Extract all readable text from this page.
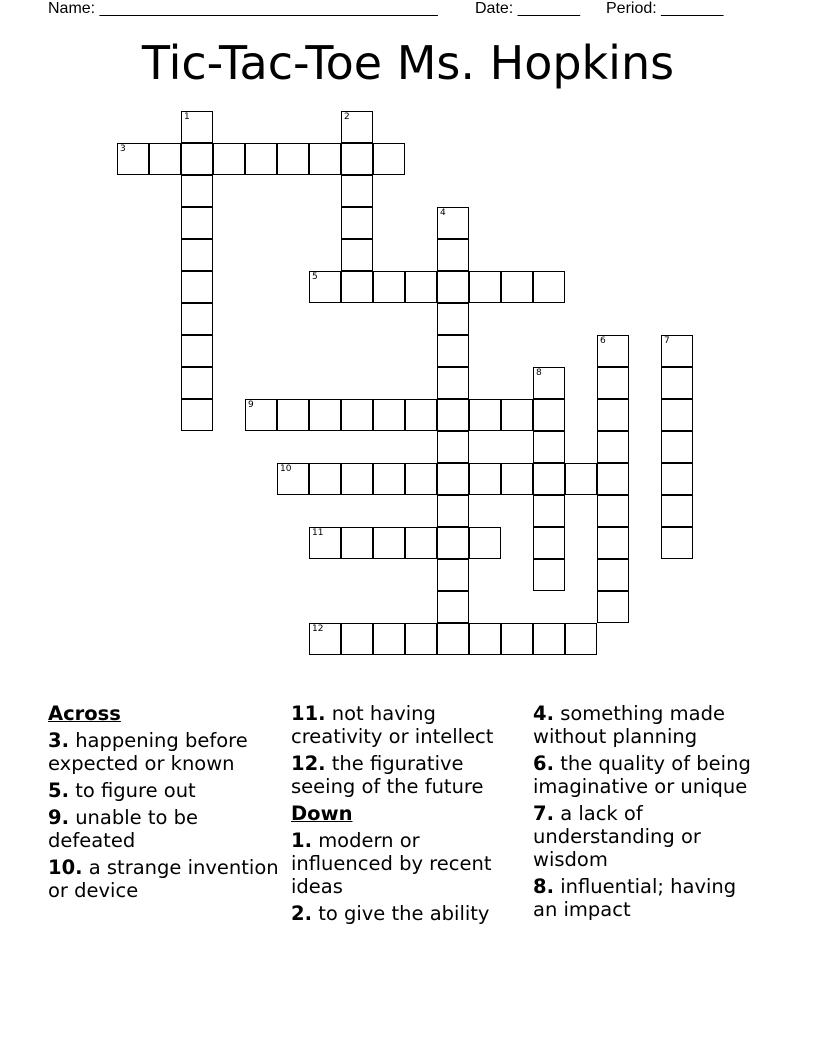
Name: ______________________________________ Date: _______ Period: _______
Tic-Tac-Toe Ms. Hopkins
3
5
9
10
11
12
1	2
4
6	7
8
Across
3. happening before expected or known
5. to figure out
9. unable to be defeated
10. a strange invention or device
11. not having creativity or intellect
12. the figurative seeing of the future
Down
1. modern or influenced by recent ideas
2. to give the ability
4. something made without planning
6. the quality of being imaginative or unique
7. a lack of understanding or wisdom
8. influential; having an impact
